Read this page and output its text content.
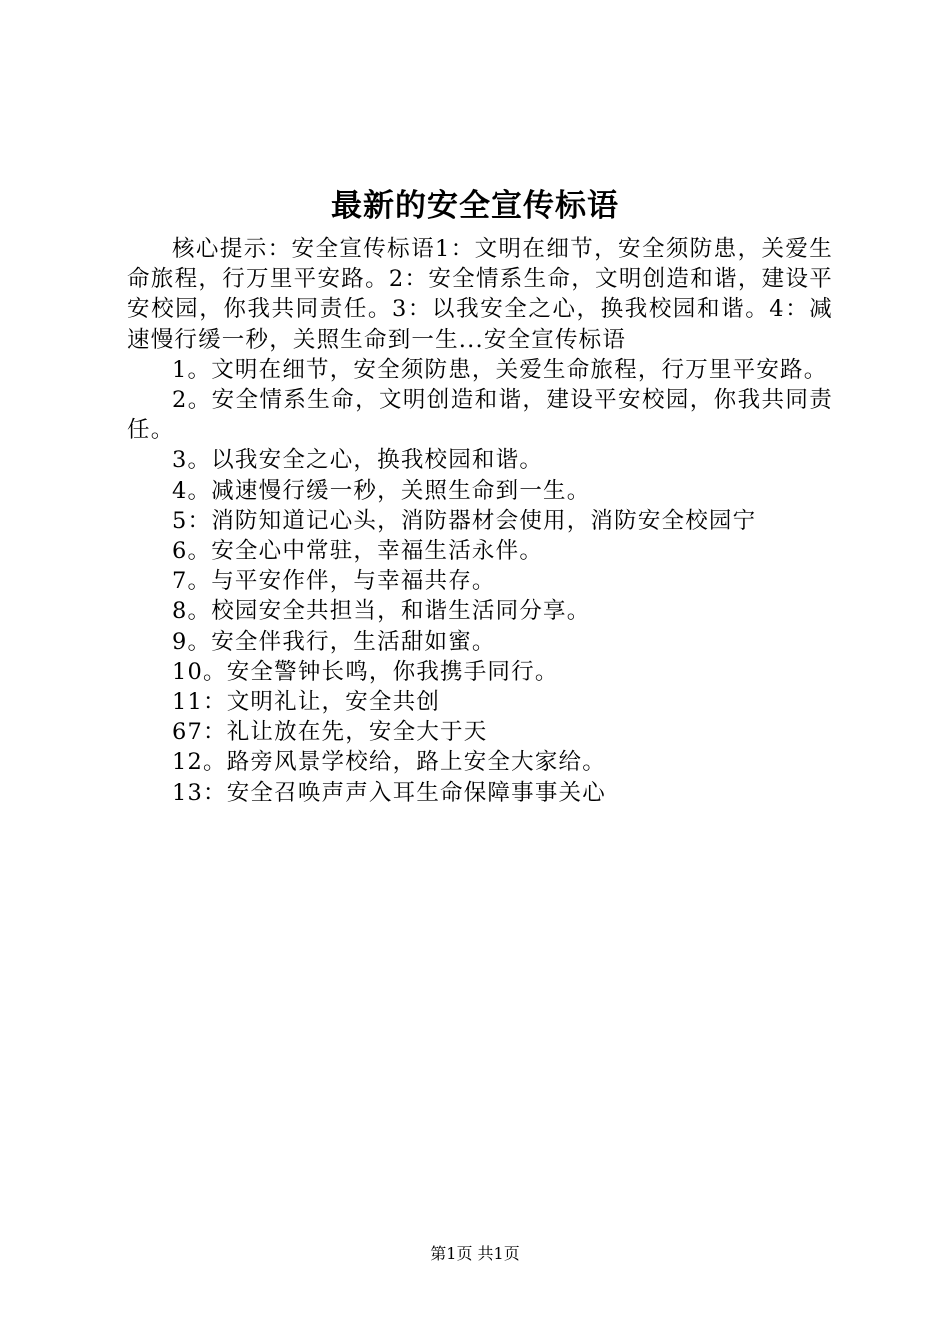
最新的安全宣传标语

核心提示：安全宣传标语1：文明在细节，安全须防患，关爱生命旅程，行万里平安路。2：安全情系生命，文明创造和谐，建设平安校园，你我共同责任。3：以我安全之心，换我校园和谐。4：减速慢行缓一秒，关照生命到一生...安全宣传标语

1。文明在细节，安全须防患，关爱生命旅程，行万里平安路。

2。安全情系生命，文明创造和谐，建设平安校园，你我共同责任。

3。以我安全之心，换我校园和谐。

4。减速慢行缓一秒，关照生命到一生。

5：消防知道记心头，消防器材会使用，消防安全校园宁

6。安全心中常驻，幸福生活永伴。

7。与平安作伴，与幸福共存。

8。校园安全共担当，和谐生活同分享。

9。安全伴我行，生活甜如蜜。

10。安全警钟长鸣，你我携手同行。

11：文明礼让，安全共创

67：礼让放在先，安全大于天

12。路旁风景学校给，路上安全大家给。

13：安全召唤声声入耳生命保障事事关心

第1页 共1页
